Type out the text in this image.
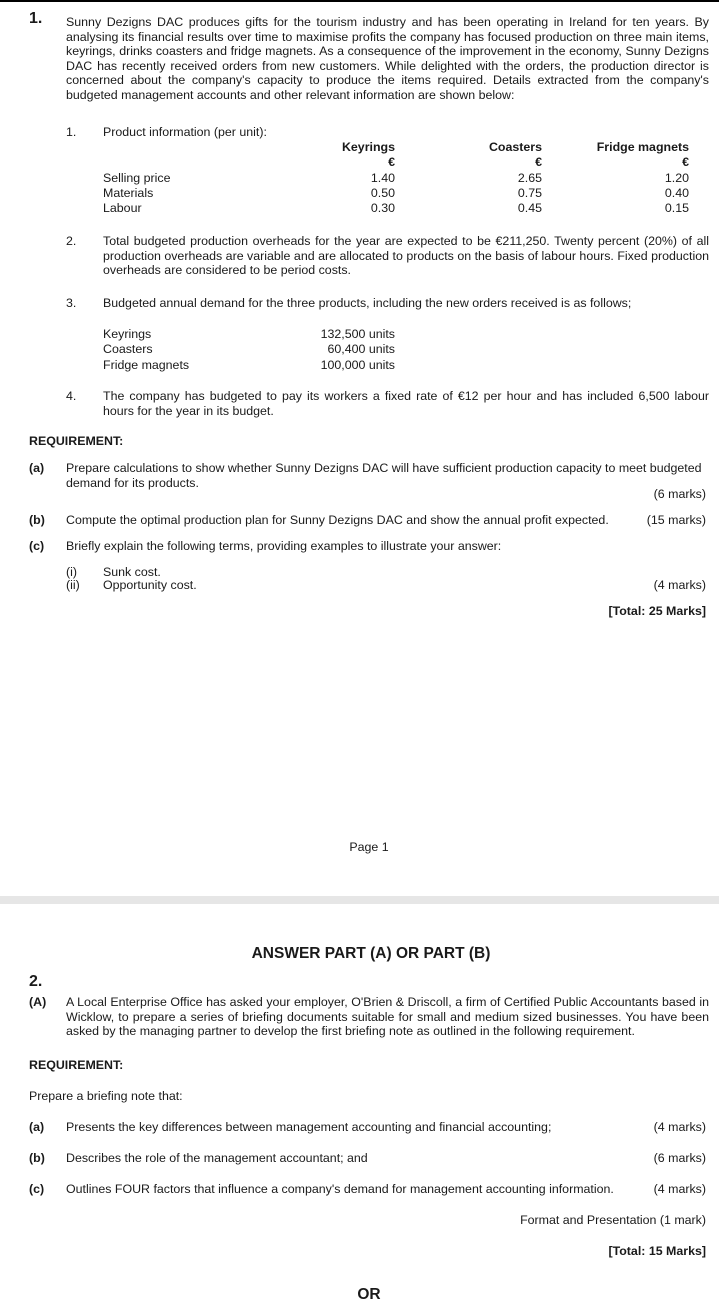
1. Sunny Dezigns DAC produces gifts for the tourism industry and has been operating in Ireland for ten years. By analysing its financial results over time to maximise profits the company has focused production on three main items, keyrings, drinks coasters and fridge magnets. As a consequence of the improvement in the economy, Sunny Dezigns DAC has recently received orders from new customers. While delighted with the orders, the production director is concerned about the company's capacity to produce the items required. Details extracted from the company's budgeted management accounts and other relevant information are shown below:
1. Product information (per unit):
Keyrings	Coasters	Fridge magnets
€	€	€
Selling price	1.40	2.65	1.20
Materials	0.50	0.75	0.40
Labour	0.30	0.45	0.15
2. Total budgeted production overheads for the year are expected to be €211,250. Twenty percent (20%) of all production overheads are variable and are allocated to products on the basis of labour hours. Fixed production overheads are considered to be period costs.
3. Budgeted annual demand for the three products, including the new orders received is as follows;
Keyrings	132,500 units
Coasters	60,400 units
Fridge magnets	100,000 units
4. The company has budgeted to pay its workers a fixed rate of €12 per hour and has included 6,500 labour hours for the year in its budget.
REQUIREMENT:
(a) Prepare calculations to show whether Sunny Dezigns DAC will have sufficient production capacity to meet budgeted demand for its products.
(6 marks)
(b) Compute the optimal production plan for Sunny Dezigns DAC and show the annual profit expected.	(15 marks)
(c) Briefly explain the following terms, providing examples to illustrate your answer:
(i) Sunk cost.
(ii) Opportunity cost.	(4 marks)
[Total: 25 Marks]
Page 1
ANSWER PART (A) OR PART (B)
2.
(A) A Local Enterprise Office has asked your employer, O'Brien & Driscoll, a firm of Certified Public Accountants based in Wicklow, to prepare a series of briefing documents suitable for small and medium sized businesses. You have been asked by the managing partner to develop the first briefing note as outlined in the following requirement.
REQUIREMENT:
Prepare a briefing note that:
(a) Presents the key differences between management accounting and financial accounting;	(4 marks)
(b) Describes the role of the management accountant; and	(6 marks)
(c) Outlines FOUR factors that influence a company's demand for management accounting information.	(4 marks)
Format and Presentation (1 mark)
[Total: 15 Marks]
OR
